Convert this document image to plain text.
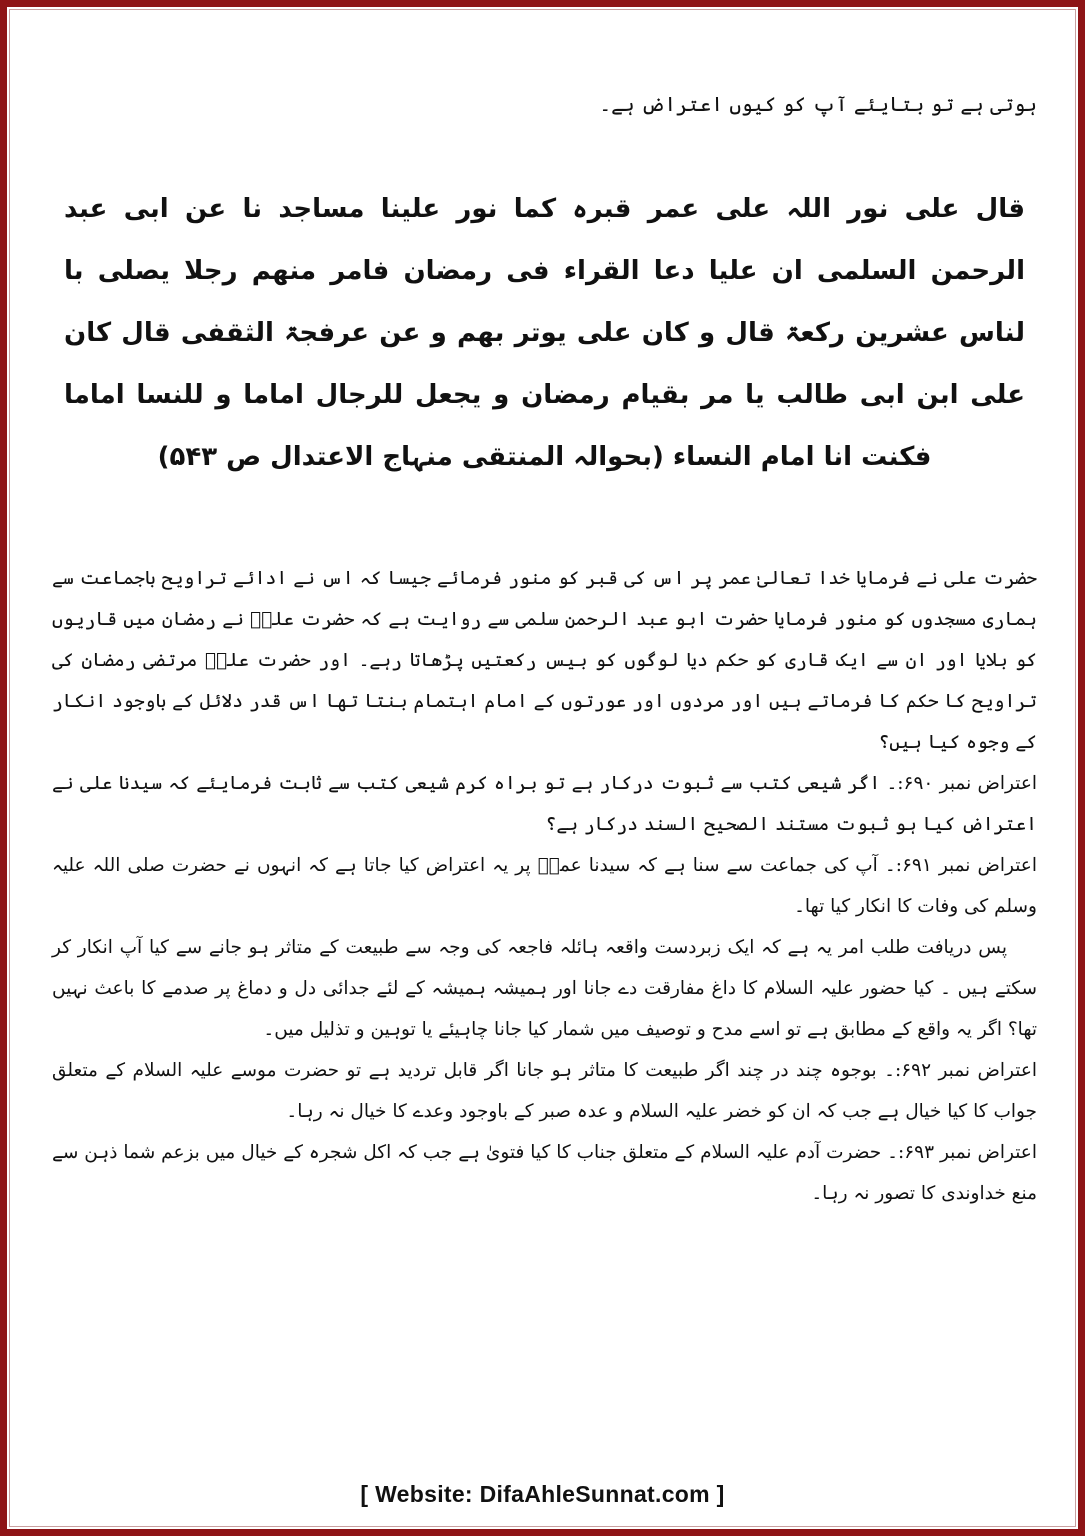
ہوتی ہے تو بتایئے آپ کو کیوں اعتراض ہے۔

قال علی نور اللہ علی عمر قبرہ کما نور علینا مساجد نا عن ابی عبد الرحمن السلمی ان علیا دعا القراء فی رمضان فامر منھم رجلا یصلی با لناس عشرین رکعۃ قال و کان علی یوتر بھم و عن عرفجۃ الثقفی قال کان علی ابن ابی طالب یا مر بقیام رمضان و یجعل للرجال اماما و للنسا اماما فکنت انا امام النساء (بحوالہ المنتقی منہاج الاعتدال ص ۵۴۳)

حضرت علی نے فرمایا خدا تعالیٰ عمر پر اس کی قبر کو منور فرمائے جیسا کہ اس نے ادائے تراویح باجماعت سے ہماری مسجدوں کو منور فرمایا حضرت ابو عبد الرحمن سلمی سے روایت ہے کہ حضرت علیؓ نے رمضان میں قاریوں کو بلایا اور ان سے ایک قاری کو حکم دیا لوگوں کو بیس رکعتیں پڑھاتا رہے۔ اور حضرت علیؓ مرتضی رمضان کی تراویح کا حکم کا فرماتے ہیں اور مردوں اور عورتوں کے امام اہتمام بنتا تھا اس قدر دلائل کے باوجود انکار کے وجوہ کیا ہیں؟

اعتراض نمبر ۶۹۰:۔ اگر شیعی کتب سے ثبوت درکار ہے تو براہ کرم شیعی کتب سے ثابت فرمایئے کہ سیدنا علی نے اعتراض کیا ہو ثبوت مستند الصحیح السند درکار ہے؟

اعتراض نمبر ۶۹۱:۔ آپ کی جماعت سے سنا ہے کہ سیدنا عمرؓ پر یہ اعتراض کیا جاتا ہے کہ انہوں نے حضرت صلی اللہ علیہ وسلم کی وفات کا انکار کیا تھا۔

پس دریافت طلب امر یہ ہے کہ ایک زبردست واقعہ ہائلہ فاجعہ کی وجہ سے طبیعت کے متاثر ہو جانے سے کیا آپ انکار کر سکتے ہیں ۔ کیا حضور علیہ السلام کا داغ مفارقت دے جانا اور ہمیشہ ہمیشہ کے لئے جدائی دل و دماغ پر صدمے کا باعث نہیں تھا؟ اگر یہ واقع کے مطابق ہے تو اسے مدح و توصیف میں شمار کیا جانا چاہیئے یا توہین و تذلیل میں۔

اعتراض نمبر ۶۹۲:۔ بوجوہ چند در چند اگر طبیعت کا متاثر ہو جانا اگر قابل تردید ہے تو حضرت موسے علیہ السلام کے متعلق جواب کا کیا خیال ہے جب کہ ان کو خضر علیہ السلام و عدہ صبر کے باوجود وعدے کا خیال نہ رہا۔

اعتراض نمبر ۶۹۳:۔ حضرت آدم علیہ السلام کے متعلق جناب کا کیا فتویٰ ہے جب کہ اکل شجرہ کے خیال میں بزعم شما ذہن سے منع خداوندی کا تصور نہ رہا۔

[ Website: DifaAhleSunnat.com ]
